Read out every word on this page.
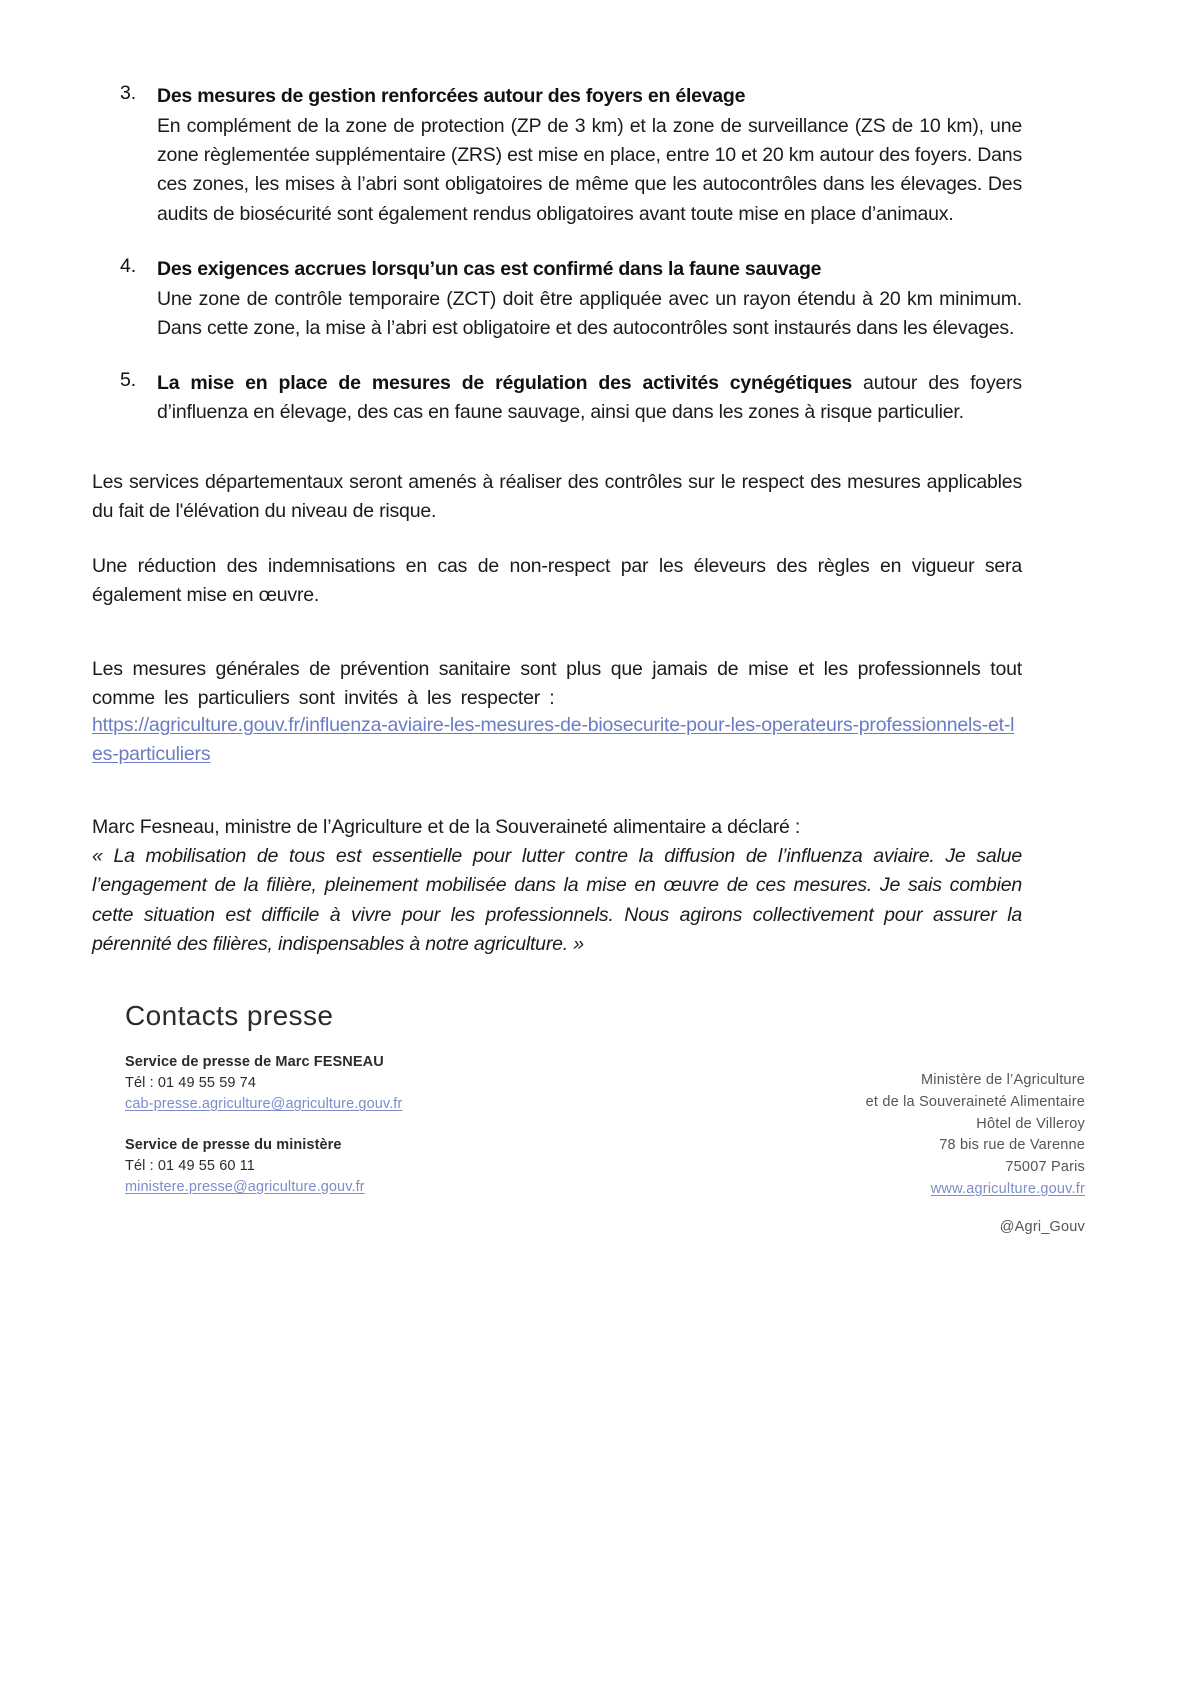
3. Des mesures de gestion renforcées autour des foyers en élevage
En complément de la zone de protection (ZP de 3 km) et la zone de surveillance (ZS de 10 km), une zone règlementée supplémentaire (ZRS) est mise en place, entre 10 et 20 km autour des foyers. Dans ces zones, les mises à l’abri sont obligatoires de même que les autocontrôles dans les élevages. Des audits de biosécurité sont également rendus obligatoires avant toute mise en place d’animaux.
4. Des exigences accrues lorsqu’un cas est confirmé dans la faune sauvage
Une zone de contrôle temporaire (ZCT) doit être appliquée avec un rayon étendu à 20 km minimum. Dans cette zone, la mise à l’abri est obligatoire et des autocontrôles sont instaurés dans les élevages.
5. La mise en place de mesures de régulation des activités cynégétiques autour des foyers d’influenza en élevage, des cas en faune sauvage, ainsi que dans les zones à risque particulier.

Les services départementaux seront amenés à réaliser des contrôles sur le respect des mesures applicables du fait de l'élévation du niveau de risque.

Une réduction des indemnisations en cas de non-respect par les éleveurs des règles en vigueur sera également mise en œuvre.

Les mesures générales de prévention sanitaire sont plus que jamais de mise et les professionnels tout comme les particuliers sont invités à les respecter :

https://agriculture.gouv.fr/influenza-aviaire-les-mesures-de-biosecurite-pour-les-operateurs-professionnels-et-les-particuliers

Marc Fesneau, ministre de l’Agriculture et de la Souveraineté alimentaire a déclaré :

« La mobilisation de tous est essentielle pour lutter contre la diffusion de l’influenza aviaire. Je salue l’engagement de la filière, pleinement mobilisée dans la mise en œuvre de ces mesures. Je sais combien cette situation est difficile à vivre pour les professionnels. Nous agirons collectivement pour assurer la pérennité des filières, indispensables à notre agriculture. »

Contacts presse
Service de presse de Marc FESNEAU
Tél : 01 49 55 59 74
cab-presse.agriculture@agriculture.gouv.fr
Service de presse du ministère
Tél : 01 49 55 60 11
ministere.presse@agriculture.gouv.fr
Ministère de l’Agriculture
et de la Souveraineté Alimentaire
Hôtel de Villeroy
78 bis rue de Varenne
75007 Paris
www.agriculture.gouv.fr
@Agri_Gouv
